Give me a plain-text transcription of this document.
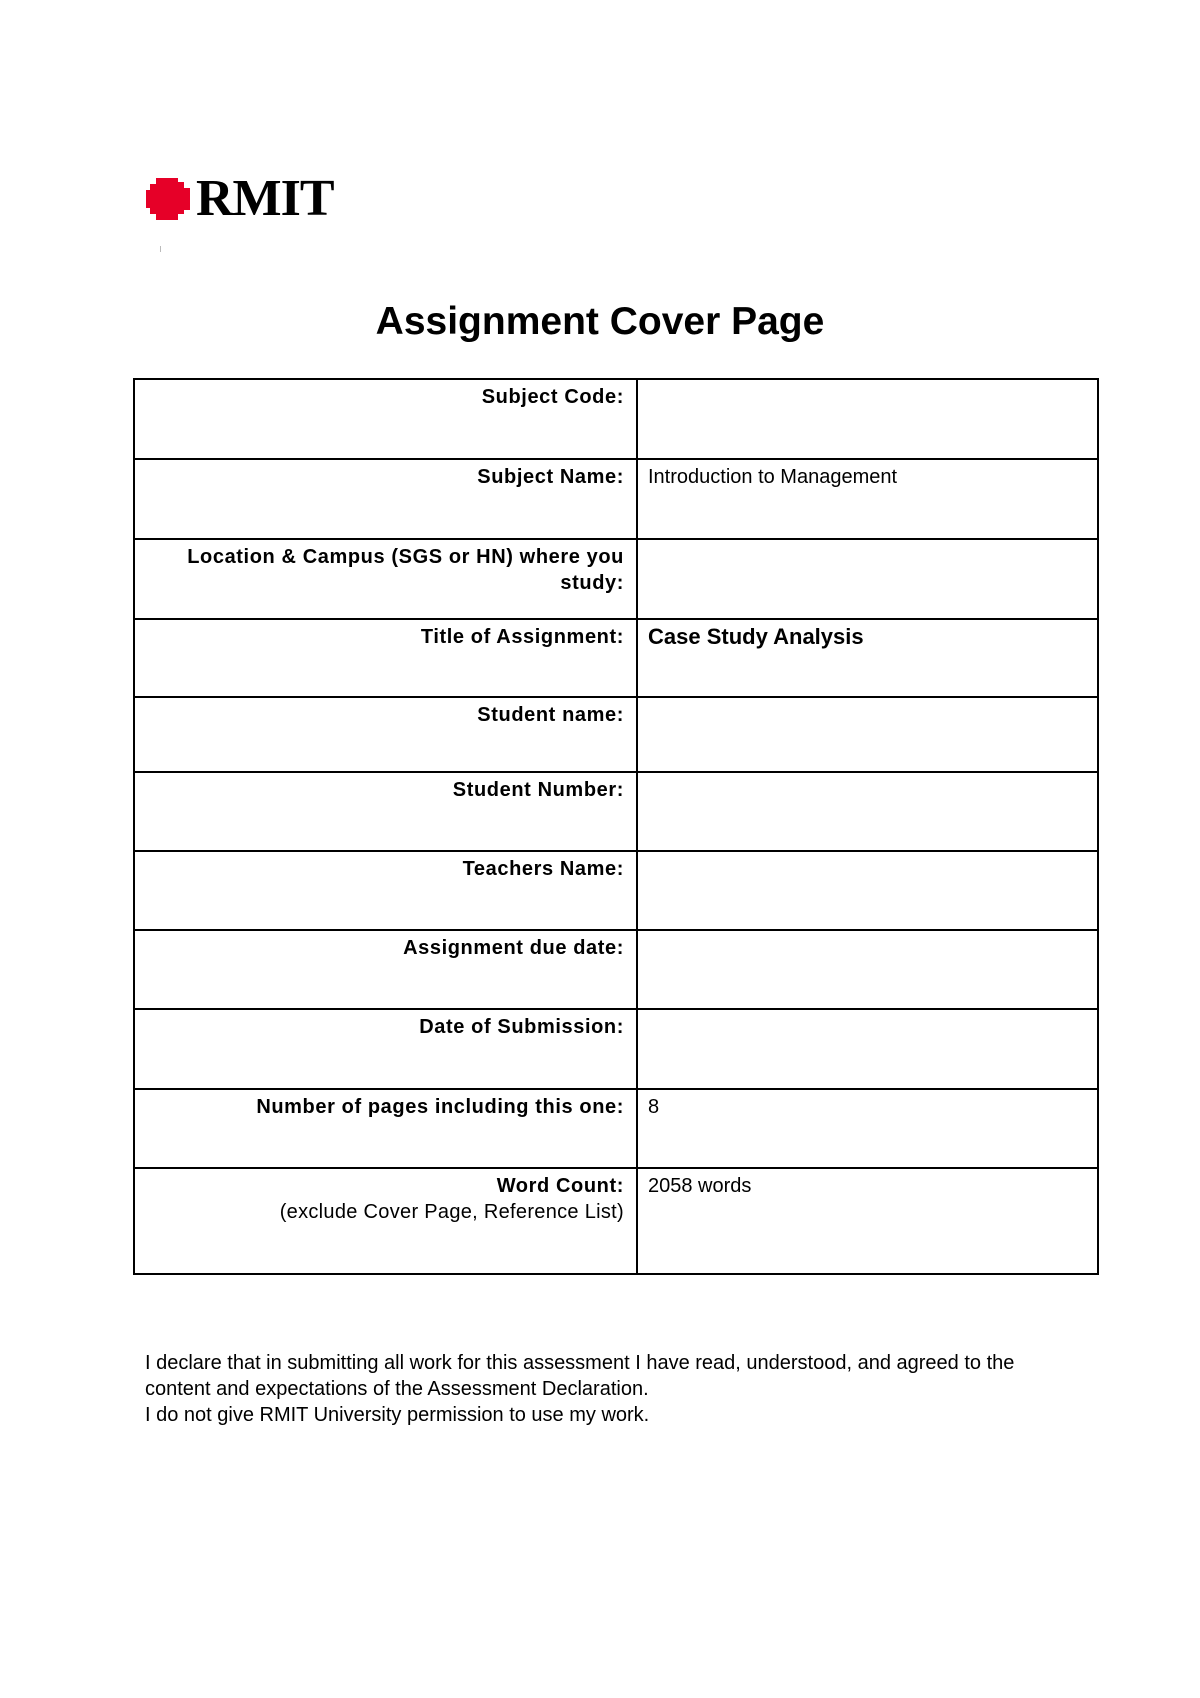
RMIT
Assignment Cover Page
Subject Code:	
Subject Name:	Introduction to Management
Location & Campus (SGS or HN) where you study:	
Title of Assignment:	Case Study Analysis
Student name:	
Student Number:	
Teachers Name:	
Assignment due date:	
Date of Submission:	
Number of pages including this one:	8

Word Count:
(exclude Cover Page, Reference List)	2058 words

I declare that in submitting all work for this assessment I have read, understood, and agreed to the content and expectations of the Assessment Declaration.

I do not give RMIT University permission to use my work.
